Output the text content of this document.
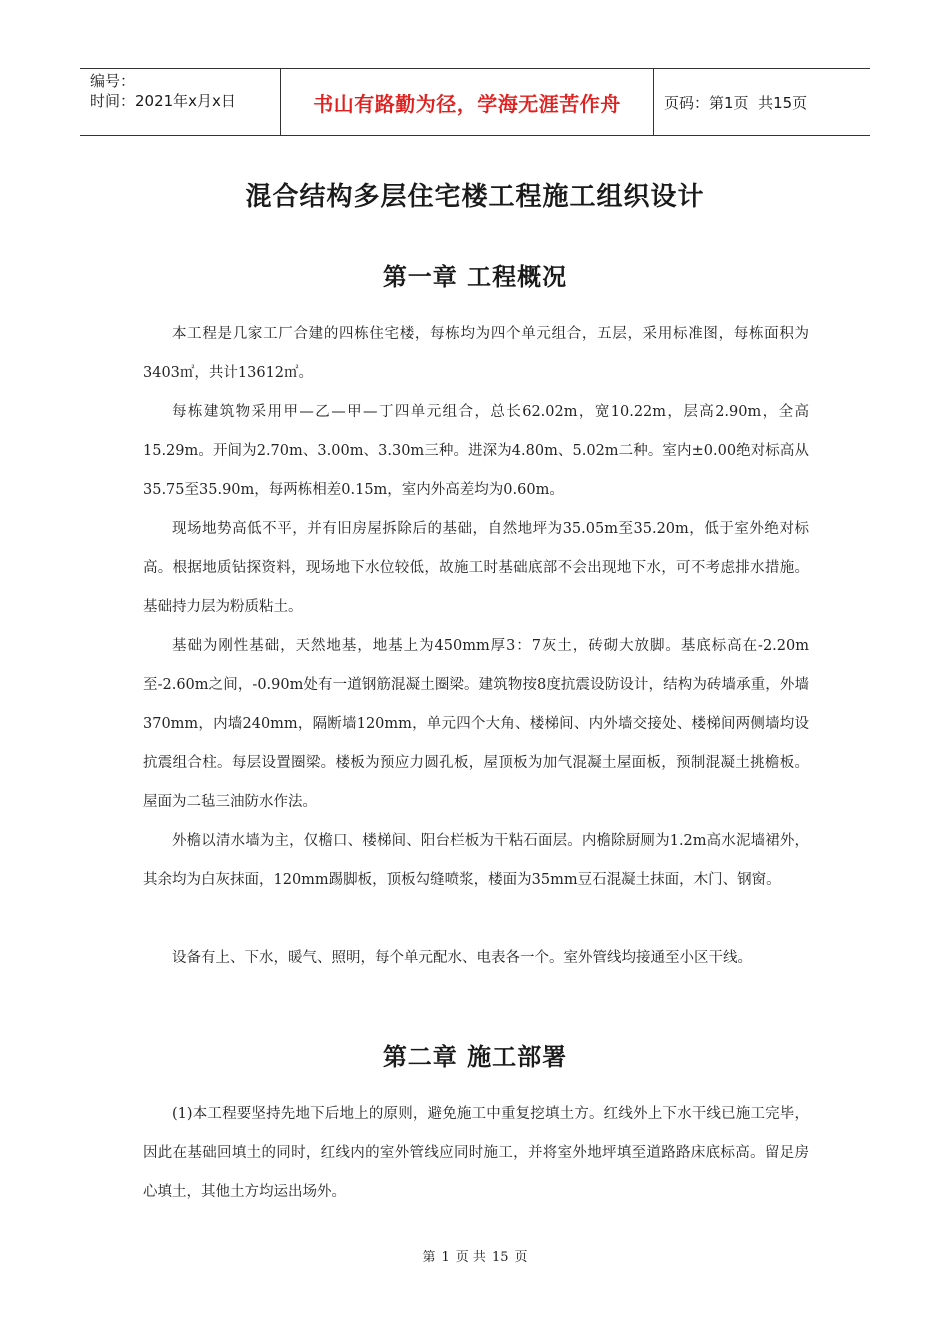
编号：
时间：2021年x月x日	书山有路勤为径，学海无涯苦作舟	页码：第1页  共15页
混合结构多层住宅楼工程施工组织设计
第一章 工程概况

本工程是几家工厂合建的四栋住宅楼，每栋均为四个单元组合，五层，采用标准图，每栋面积为3403㎡，共计13612㎡。

每栋建筑物采用甲—乙—甲—丁四单元组合，总长62.02m，宽10.22m，层高2.90m，全高15.29m。开间为2.70m、3.00m、3.30m三种。进深为4.80m、5.02m二种。室内±0.00绝对标高从35.75至35.90m，每两栋相差0.15m，室内外高差均为0.60m。

现场地势高低不平，并有旧房屋拆除后的基础，自然地坪为35.05m至35.20m，低于室外绝对标高。根据地质钻探资料，现场地下水位较低，故施工时基础底部不会出现地下水，可不考虑排水措施。基础持力层为粉质粘土。

基础为刚性基础，天然地基，地基上为450mm厚3：7灰土，砖砌大放脚。基底标高在-2.20m至-2.60m之间，-0.90m处有一道钢筋混凝土圈梁。建筑物按8度抗震设防设计，结构为砖墙承重，外墙370mm，内墙240mm，隔断墙120mm，单元四个大角、楼梯间、内外墙交接处、楼梯间两侧墙均设抗震组合柱。每层设置圈梁。楼板为预应力圆孔板，屋顶板为加气混凝土屋面板，预制混凝土挑檐板。屋面为二毡三油防水作法。

外檐以清水墙为主，仅檐口、楼梯间、阳台栏板为干粘石面层。内檐除厨厕为1.2m高水泥墙裙外，其余均为白灰抹面，120mm踢脚板，顶板勾缝喷浆，楼面为35mm豆石混凝土抹面，木门、钢窗。

设备有上、下水，暖气、照明，每个单元配水、电表各一个。室外管线均接通至小区干线。

第二章 施工部署

(1)本工程要坚持先地下后地上的原则，避免施工中重复挖填土方。红线外上下水干线已施工完毕，因此在基础回填土的同时，红线内的室外管线应同时施工，并将室外地坪填至道路路床底标高。留足房心填土，其他土方均运出场外。

第 1 页 共 15 页
